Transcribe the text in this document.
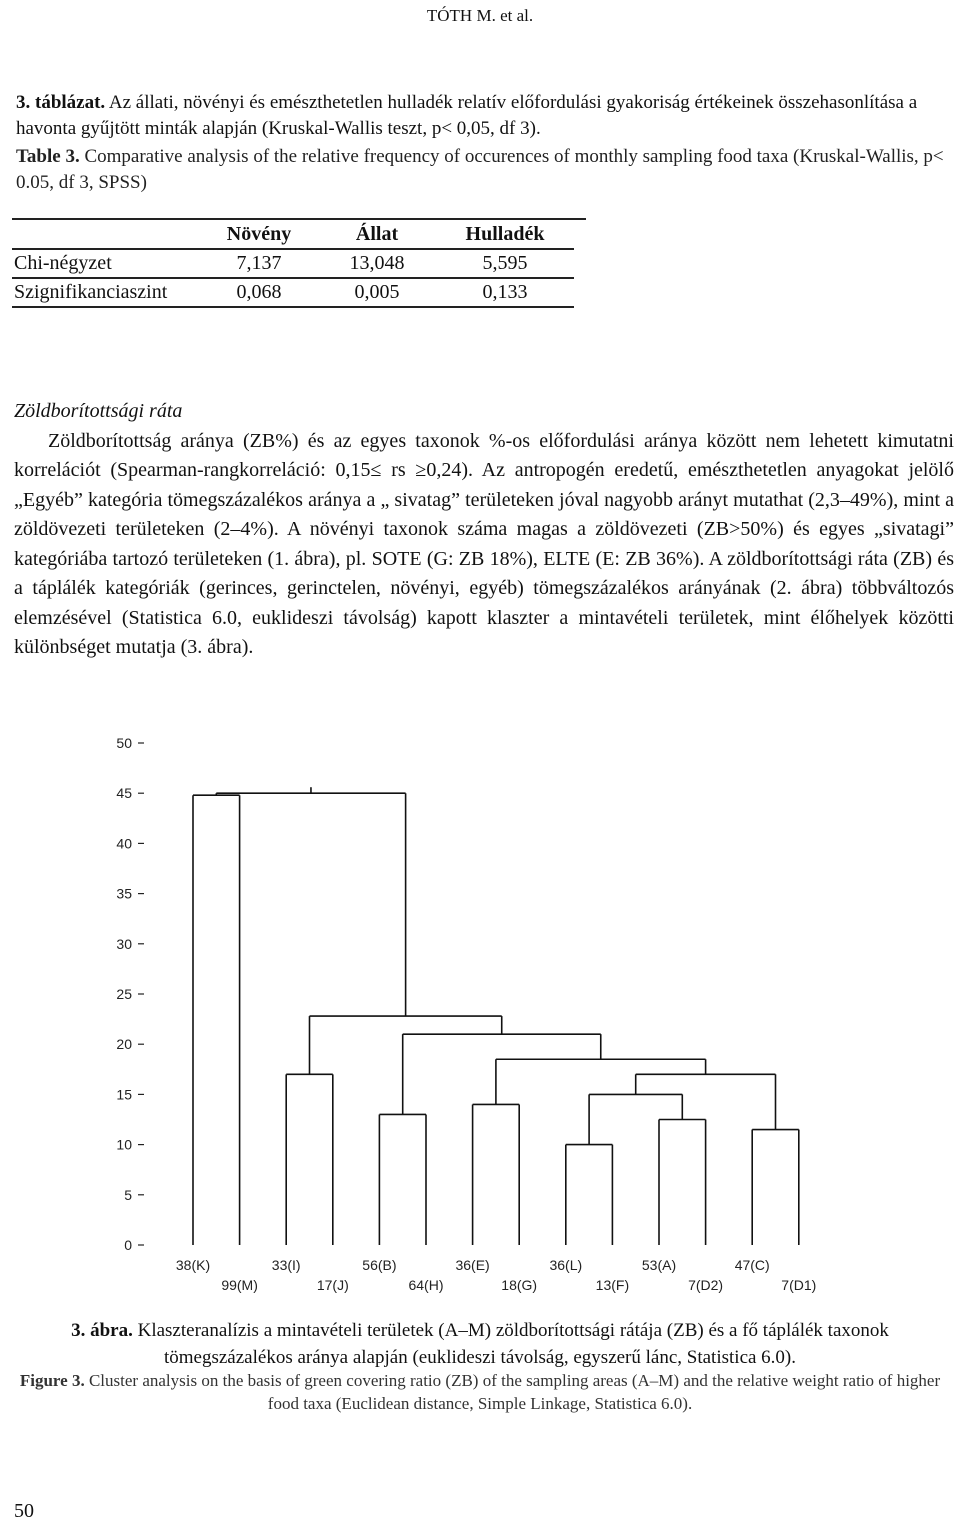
TÓTH M. et al.
3. táblázat. Az állati, növényi és emészthetetlen hulladék relatív előfordulási gyakoriság értékeinek összehasonlítása a havonta gyűjtött minták alapján (Kruskal-Wallis teszt, p< 0,05, df 3).
Table 3. Comparative analysis of the relative frequency of occurences of monthly sampling food taxa (Kruskal-Wallis, p< 0.05, df 3, SPSS)
	Növény	Állat	Hulladék
Chi-négyzet	7,137	13,048	5,595
Szignifikanciaszint	0,068	0,005	0,133
Zöldborítottsági ráta

Zöldborítottság aránya (ZB%) és az egyes taxonok %-os előfordulási aránya között nem lehetett kimutatni korrelációt (Spearman-rangkorreláció: 0,15≤ rs ≥0,24). Az antropogén eredetű, emészthetetlen anyagokat jelölő „Egyéb” kategória tömegszázalékos aránya a „ sivatag” területeken jóval nagyobb arányt mutathat (2,3–49%), mint a zöldövezeti területeken (2–4%). A növényi taxonok száma magas a zöldövezeti (ZB>50%) és egyes „sivatagi” kategóriába tartozó területeken (1. ábra), pl. SOTE (G: ZB 18%), ELTE (E: ZB 36%). A zöldborítottsági ráta (ZB) és a táplálék kategóriák (gerinces, gerinctelen, növényi, egyéb) tömegszázalékos arányának (2. ábra) többváltozós elemzésével (Statistica 6.0, euklideszi távolság) kapott klaszter a mintavételi területek, mint élőhelyek közötti különbséget mutatja (3. ábra).

0
5
10
15
20
25
30
35
40
45
50
38(K)
99(M)
33(I)
17(J)
56(B)
64(H)
36(E)
18(G)
36(L)
13(F)
53(A)
7(D2)
47(C)
7(D1)
3. ábra. Klaszteranalízis a mintavételi területek (A–M) zöldborítottsági rátája (ZB) és a fő táplálék taxonok tömegszázalékos aránya alapján (euklideszi távolság, egyszerű lánc, Statistica 6.0).
Figure 3. Cluster analysis on the basis of green covering ratio (ZB) of the sampling areas (A–M) and the relative weight ratio of higher food taxa (Euclidean distance, Simple Linkage, Statistica 6.0).
50
